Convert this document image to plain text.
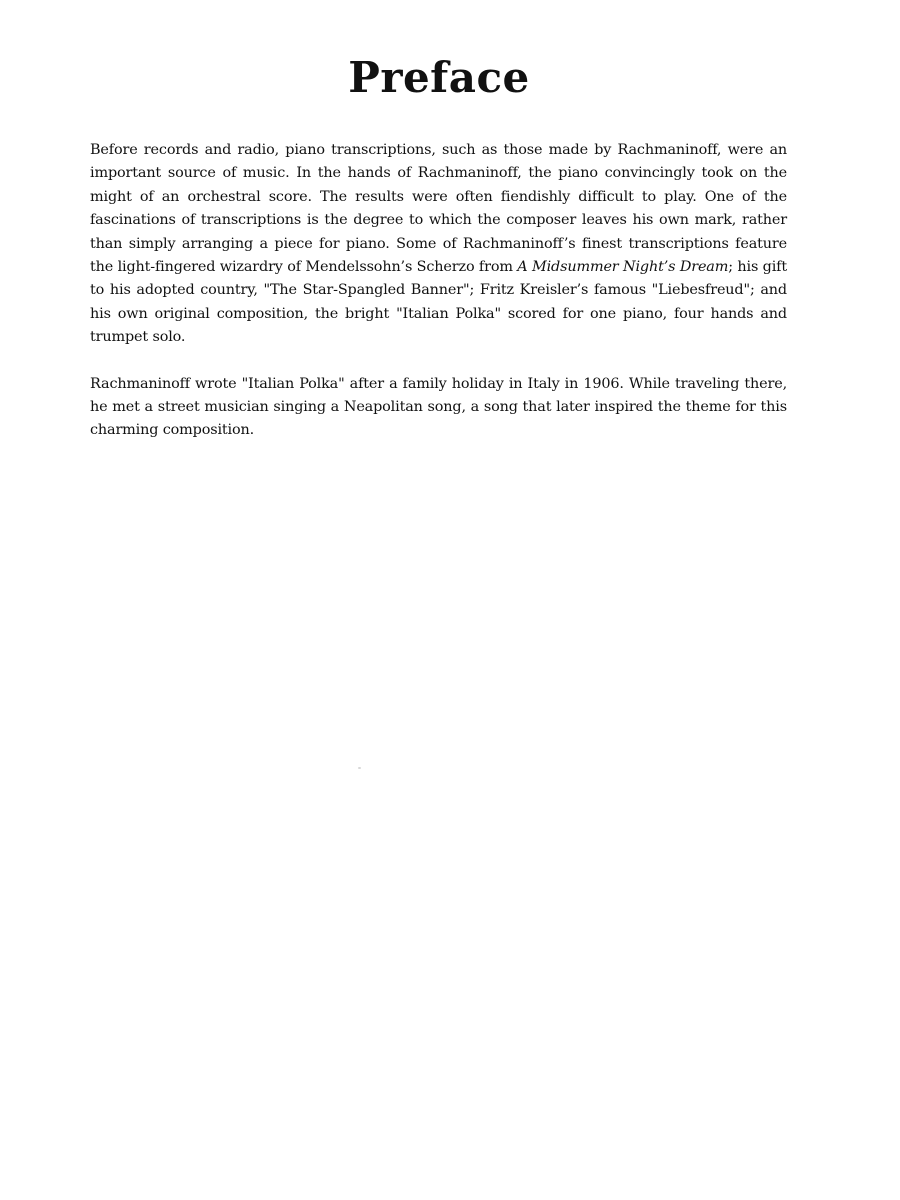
Preface

Before records and radio, piano transcriptions, such as those made by Rachmaninoff, were an important source of music. In the hands of Rachmaninoff, the piano convincingly took on the might of an orchestral score. The results were often fiendishly difficult to play. One of the fascinations of transcriptions is the degree to which the composer leaves his own mark, rather than simply arranging a piece for piano. Some of Rachmaninoff’s finest transcriptions feature the light-fingered wizardry of Mendelssohn’s Scherzo from A Midsummer Night’s Dream; his gift to his adopted country, "The Star-Spangled Banner"; Fritz Kreisler’s famous "Liebesfreud"; and his own original composition, the bright "Italian Polka" scored for one piano, four hands and trumpet solo.

Rachmaninoff wrote "Italian Polka" after a family holiday in Italy in 1906. While traveling there, he met a street musician singing a Neapolitan song, a song that later inspired the theme for this charming composition.
